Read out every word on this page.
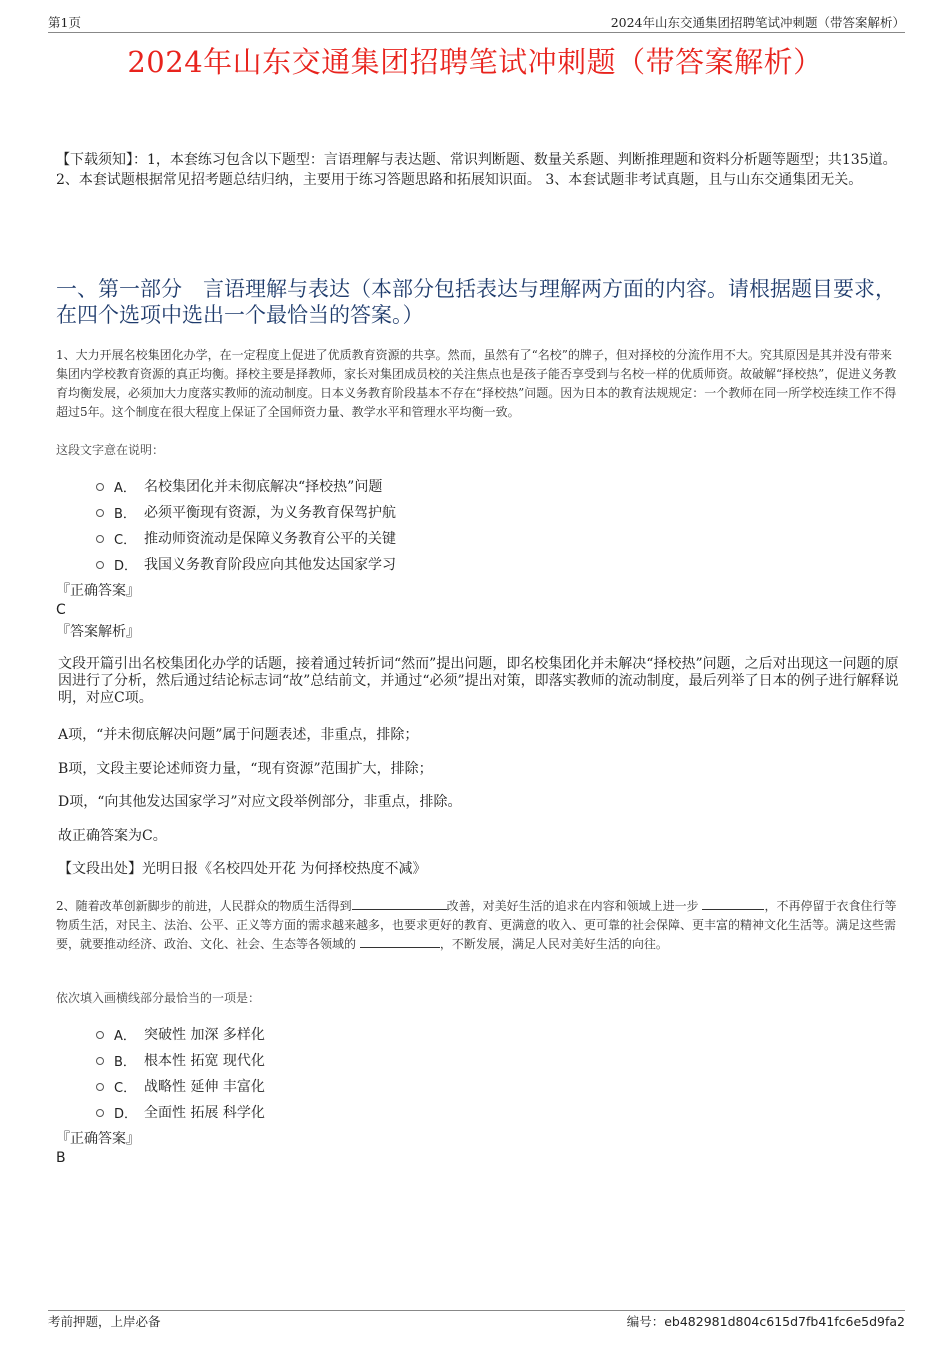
第1页	2024年山东交通集团招聘笔试冲刺题（带答案解析）
2024年山东交通集团招聘笔试冲刺题（带答案解析）
【下载须知】：1，本套练习包含以下题型：言语理解与表达题、常识判断题、数量关系题、判断推理题和资料分析题等题型；共135道。 2、本套试题根据常见招考题总结归纳，主要用于练习答题思路和拓展知识面。 3、本套试题非考试真题，且与山东交通集团无关。
一、第一部分　言语理解与表达（本部分包括表达与理解两方面的内容。请根据题目要求，在四个选项中选出一个最恰当的答案。）
1、大力开展名校集团化办学，在一定程度上促进了优质教育资源的共享。然而，虽然有了“名校”的牌子，但对择校的分流作用不大。究其原因是其并没有带来集团内学校教育资源的真正均衡。择校主要是择教师，家长对集团成员校的关注焦点也是孩子能否享受到与名校一样的优质师资。故破解“择校热”，促进义务教育均衡发展，必须加大力度落实教师的流动制度。日本义务教育阶段基本不存在“择校热”问题。因为日本的教育法规规定：一个教师在同一所学校连续工作不得超过5年。这个制度在很大程度上保证了全国师资力量、教学水平和管理水平均衡一致。
这段文字意在说明：
A． 名校集团化并未彻底解决“择校热”问题
B． 必须平衡现有资源，为义务教育保驾护航
C． 推动师资流动是保障义务教育公平的关键
D． 我国义务教育阶段应向其他发达国家学习
『正确答案』
C
『答案解析』
文段开篇引出名校集团化办学的话题，接着通过转折词“然而”提出问题，即名校集团化并未解决“择校热”问题，之后对出现这一问题的原因进行了分析，然后通过结论标志词“故”总结前文，并通过“必须”提出对策，即落实教师的流动制度，最后列举了日本的例子进行解释说明，对应C项。
A项，“并未彻底解决问题”属于问题表述，非重点，排除；
B项，文段主要论述师资力量，“现有资源”范围扩大，排除；
D项，“向其他发达国家学习”对应文段举例部分，非重点，排除。
故正确答案为C。
【文段出处】光明日报《名校四处开花 为何择校热度不减》
2、随着改革创新脚步的前进，人民群众的物质生活得到	改善，对美好生活的追求在内容和领域上进一步	，不再停留于衣食住行等物质生活，对民主、法治、公平、正义等方面的需求越来越多，也要求更好的教育、更满意的收入、更可靠的社会保障、更丰富的精神文化生活等。满足这些需要，就要推动经济、政治、文化、社会、生态等各领域的	，不断发展，满足人民对美好生活的向往。
依次填入画横线部分最恰当的一项是：
A． 突破性 加深 多样化
B． 根本性 拓宽 现代化
C． 战略性 延伸 丰富化
D． 全面性 拓展 科学化
『正确答案』
B
考前押题，上岸必备	编号：eb482981d804c615d7fb41fc6e5d9fa2
